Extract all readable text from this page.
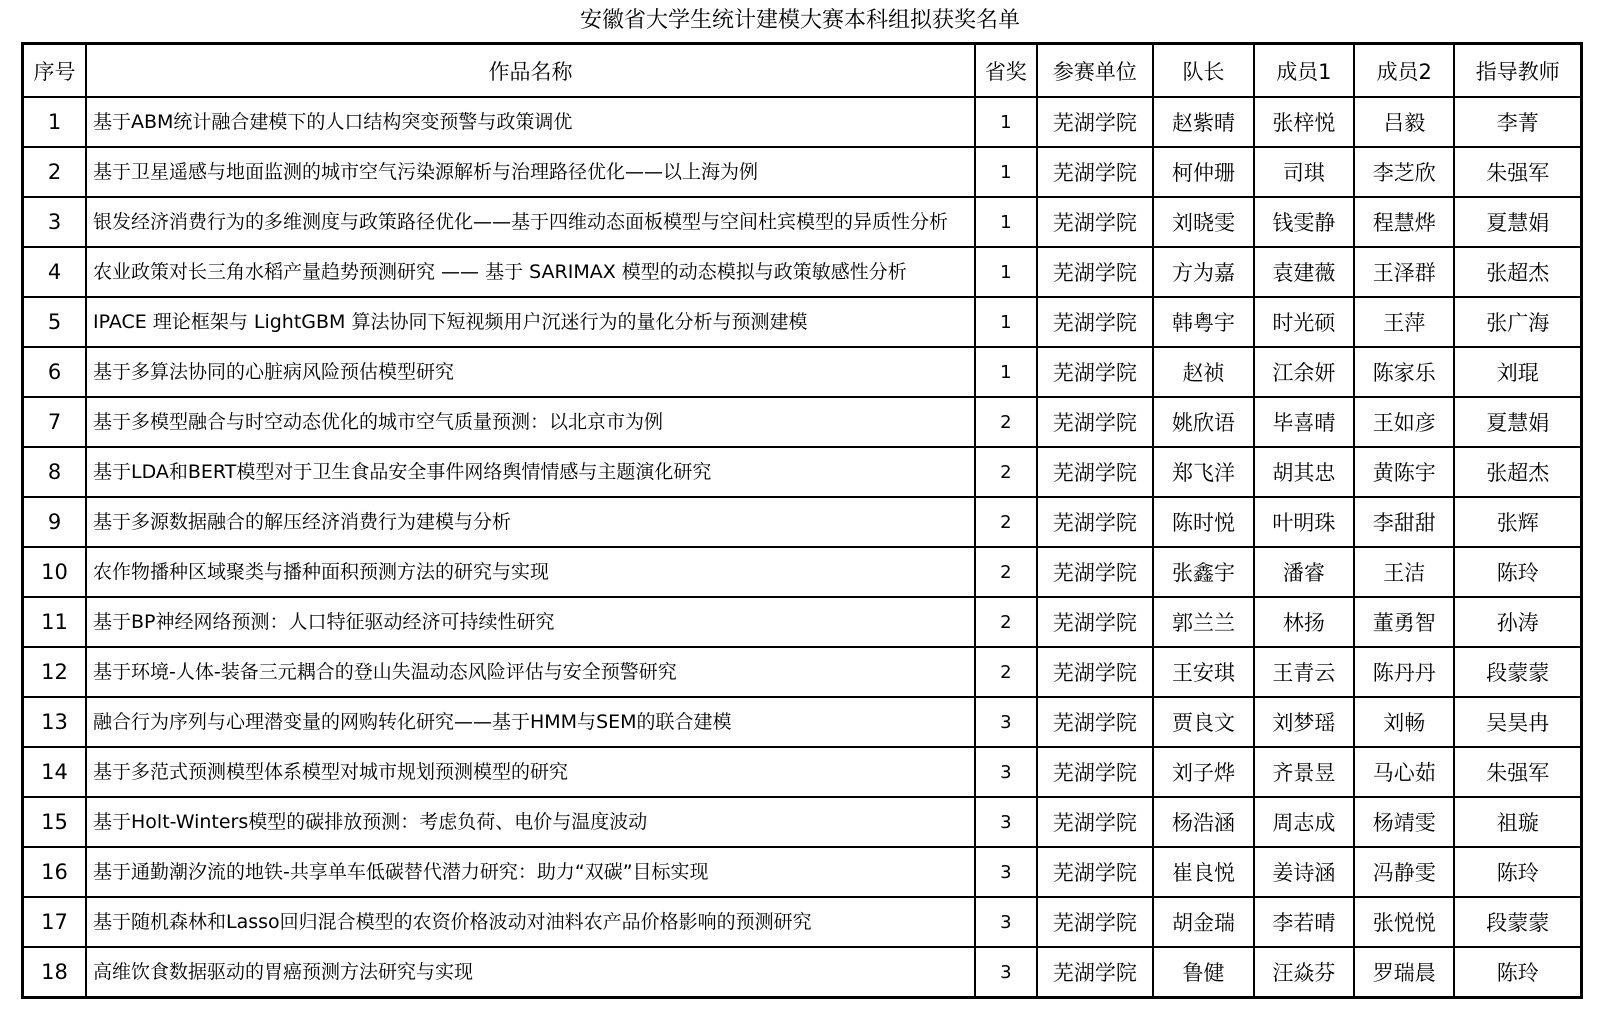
安徽省大学生统计建模大赛本科组拟获奖名单
序号	作品名称	省奖	参赛单位	队长	成员1	成员2	指导教师
1	基于ABM统计融合建模下的人口结构突变预警与政策调优	1	芜湖学院	赵紫晴	张梓悦	吕毅	李菁
2	基于卫星遥感与地面监测的城市空气污染源解析与治理路径优化——以上海为例	1	芜湖学院	柯仲珊	司琪	李芝欣	朱强军
3	银发经济消费行为的多维测度与政策路径优化——基于四维动态面板模型与空间杜宾模型的异质性分析	1	芜湖学院	刘晓雯	钱雯静	程慧烨	夏慧娟
4	农业政策对长三角水稻产量趋势预测研究 —— 基于 SARIMAX 模型的动态模拟与政策敏感性分析	1	芜湖学院	方为嘉	袁建薇	王泽群	张超杰
5	IPACE 理论框架与 LightGBM 算法协同下短视频用户沉迷行为的量化分析与预测建模	1	芜湖学院	韩粤宇	时光硕	王萍	张广海
6	基于多算法协同的心脏病风险预估模型研究	1	芜湖学院	赵祯	江余妍	陈家乐	刘琨
7	基于多模型融合与时空动态优化的城市空气质量预测：以北京市为例	2	芜湖学院	姚欣语	毕喜晴	王如彦	夏慧娟
8	基于LDA和BERT模型对于卫生食品安全事件网络舆情情感与主题演化研究	2	芜湖学院	郑飞洋	胡其忠	黄陈宇	张超杰
9	基于多源数据融合的解压经济消费行为建模与分析	2	芜湖学院	陈时悦	叶明珠	李甜甜	张辉
10	农作物播种区域聚类与播种面积预测方法的研究与实现	2	芜湖学院	张鑫宇	潘睿	王洁	陈玲
11	基于BP神经网络预测：人口特征驱动经济可持续性研究	2	芜湖学院	郭兰兰	林扬	董勇智	孙涛
12	基于环境-人体-装备三元耦合的登山失温动态风险评估与安全预警研究	2	芜湖学院	王安琪	王青云	陈丹丹	段蒙蒙
13	融合行为序列与心理潜变量的网购转化研究——基于HMM与SEM的联合建模	3	芜湖学院	贾良文	刘梦瑶	刘畅	吴昊冉
14	基于多范式预测模型体系模型对城市规划预测模型的研究	3	芜湖学院	刘子烨	齐景昱	马心茹	朱强军
15	基于Holt-Winters模型的碳排放预测：考虑负荷、电价与温度波动	3	芜湖学院	杨浩涵	周志成	杨靖雯	祖璇
16	基于通勤潮汐流的地铁-共享单车低碳替代潜力研究：助力“双碳”目标实现	3	芜湖学院	崔良悦	姜诗涵	冯静雯	陈玲
17	基于随机森林和Lasso回归混合模型的农资价格波动对油料农产品价格影响的预测研究	3	芜湖学院	胡金瑞	李若晴	张悦悦	段蒙蒙
18	高维饮食数据驱动的胃癌预测方法研究与实现	3	芜湖学院	鲁健	汪焱芬	罗瑞晨	陈玲
